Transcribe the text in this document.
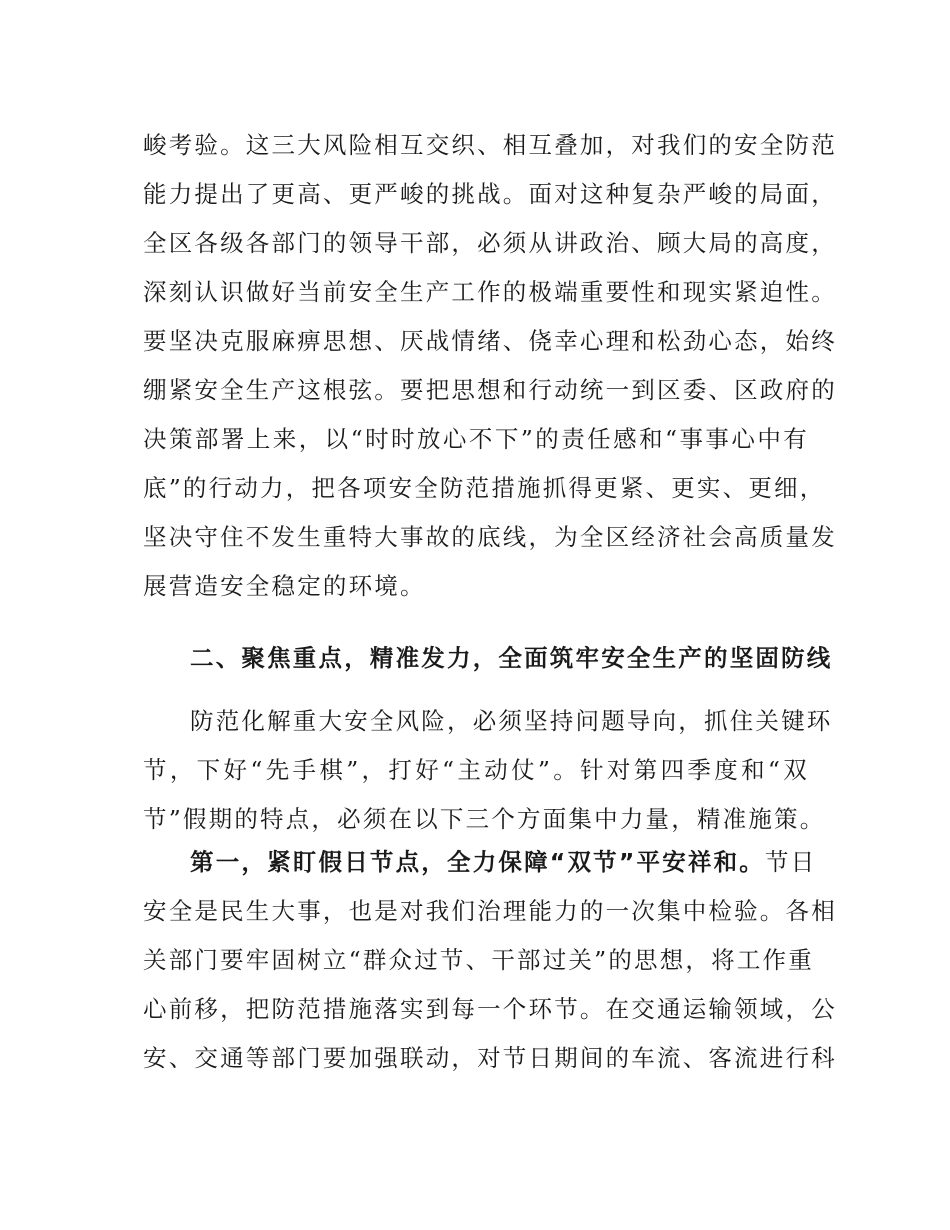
峻考验。这三大风险相互交织、相互叠加，对我们的安全防范
能力提出了更高、更严峻的挑战。面对这种复杂严峻的局面，
全区各级各部门的领导干部，必须从讲政治、顾大局的高度，
深刻认识做好当前安全生产工作的极端重要性和现实紧迫性。
要坚决克服麻痹思想、厌战情绪、侥幸心理和松劲心态，始终
绷紧安全生产这根弦。要把思想和行动统一到区委、区政府的
决策部署上来，以“时时放心不下”的责任感和“事事心中有
底”的行动力，把各项安全防范措施抓得更紧、更实、更细，
坚决守住不发生重特大事故的底线，为全区经济社会高质量发
展营造安全稳定的环境。
二、聚焦重点，精准发力，全面筑牢安全生产的坚固防线
防范化解重大安全风险，必须坚持问题导向，抓住关键环
节，下好“先手棋”，打好“主动仗”。针对第四季度和“双
节”假期的特点，必须在以下三个方面集中力量，精准施策。
第一，紧盯假日节点，全力保障“双节”平安祥和。节日
安全是民生大事，也是对我们治理能力的一次集中检验。各相
关部门要牢固树立“群众过节、干部过关”的思想，将工作重
心前移，把防范措施落实到每一个环节。在交通运输领域，公
安、交通等部门要加强联动，对节日期间的车流、客流进行科
